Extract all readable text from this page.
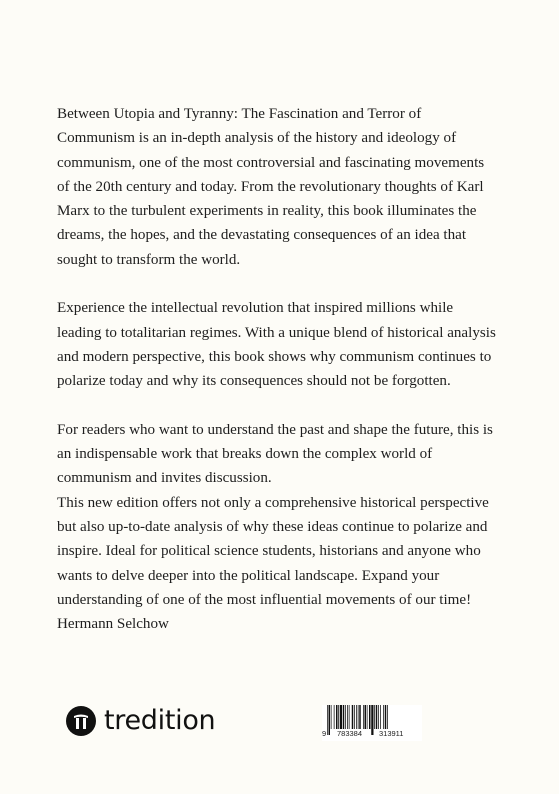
Between Utopia and Tyranny: The Fascination and Terror of Communism is an in-depth analysis of the history and ideology of communism, one of the most controversial and fascinating movements of the 20th century and today. From the revolutionary thoughts of Karl Marx to the turbulent experiments in reality, this book illuminates the dreams, the hopes, and the devastating consequences of an idea that sought to transform the world.

Experience the intellectual revolution that inspired millions while leading to totalitarian regimes. With a unique blend of historical analysis and modern perspective, this book shows why communism continues to polarize today and why its consequences should not be forgotten.

For readers who want to understand the past and shape the future, this is an indispensable work that breaks down the complex world of communism and invites discussion.

This new edition offers not only a comprehensive historical perspective but also up-to-date analysis of why these ideas continue to polarize and inspire. Ideal for political science students, historians and anyone who wants to delve deeper into the political landscape. Expand your understanding of one of the most influential movements of our time!

Hermann Selchow

tredition	9 783384 313911
